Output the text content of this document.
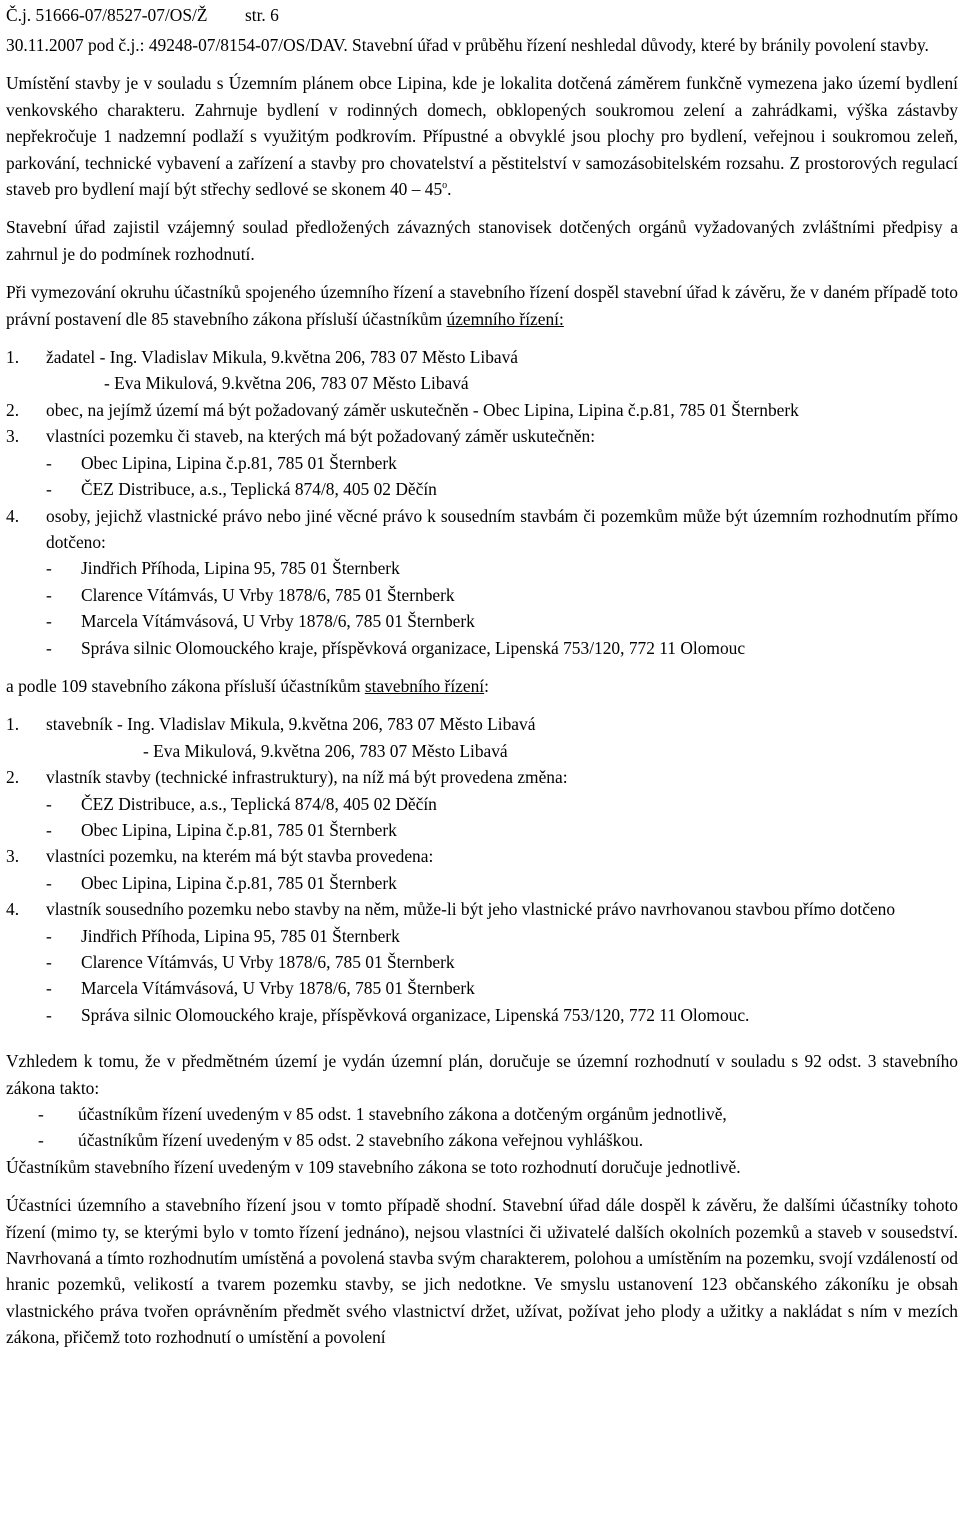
Č.j. 51666-07/8527-07/OS/Ž str. 6

30.11.2007 pod č.j.: 49248-07/8154-07/OS/DAV. Stavební úřad v průběhu řízení neshledal důvody, které by bránily povolení stavby.

Umístění stavby je v souladu s Územním plánem obce Lipina, kde je lokalita dotčená záměrem funkčně vymezena jako území bydlení venkovského charakteru. Zahrnuje bydlení v rodinných domech, obklopených soukromou zelení a zahrádkami, výška zástavby nepřekročuje 1 nadzemní podlaží s využitým podkrovím. Přípustné a obvyklé jsou plochy pro bydlení, veřejnou i soukromou zeleň, parkování, technické vybavení a zařízení a stavby pro chovatelství a pěstitelství v samozásobitelském rozsahu. Z prostorových regulací staveb pro bydlení mají být střechy sedlové se skonem 40 – 45$^o$.

Stavební úřad zajistil vzájemný soulad předložených závazných stanovisek dotčených orgánů vyžadovaných zvláštními předpisy a zahrnul je do podmínek rozhodnutí.

Při vymezování okruhu účastníků spojeného územního řízení a stavebního řízení dospěl stavební úřad k závěru, že v daném případě toto právní postavení dle 85 stavebního zákona přísluší účastníkům územního řízení:

1. žadatel - Ing. Vladislav Mikula, 9.května 206, 783 07 Město Libavá
- Eva Mikulová, 9.května 206, 783 07 Město Libavá
2. obec, na jejímž území má být požadovaný záměr uskutečněn - Obec Lipina, Lipina č.p.81, 785 01 Šternberk
3. vlastníci pozemku či staveb, na kterých má být požadovaný záměr uskutečněn:
- Obec Lipina, Lipina č.p.81, 785 01 Šternberk
- ČEZ Distribuce, a.s., Teplická 874/8, 405 02 Děčín
4. osoby, jejichž vlastnické právo nebo jiné věcné právo k sousedním stavbám či pozemkům může být územním rozhodnutím přímo dotčeno:
- Jindřich Příhoda, Lipina 95, 785 01 Šternberk
- Clarence Vítámvás, U Vrby 1878/6, 785 01 Šternberk
- Marcela Vítámvásová, U Vrby 1878/6, 785 01 Šternberk
- Správa silnic Olomouckého kraje, příspěvková organizace, Lipenská 753/120, 772 11 Olomouc

a podle 109 stavebního zákona přísluší účastníkům stavebního řízení:

1. stavebník - Ing. Vladislav Mikula, 9.května 206, 783 07 Město Libavá
- Eva Mikulová, 9.května 206, 783 07 Město Libavá
2. vlastník stavby (technické infrastruktury), na níž má být provedena změna:
- ČEZ Distribuce, a.s., Teplická 874/8, 405 02 Děčín
- Obec Lipina, Lipina č.p.81, 785 01 Šternberk
3. vlastníci pozemku, na kterém má být stavba provedena:
- Obec Lipina, Lipina č.p.81, 785 01 Šternberk
4. vlastník sousedního pozemku nebo stavby na něm, může-li být jeho vlastnické právo navrhovanou stavbou přímo dotčeno
- Jindřich Příhoda, Lipina 95, 785 01 Šternberk
- Clarence Vítámvás, U Vrby 1878/6, 785 01 Šternberk
- Marcela Vítámvásová, U Vrby 1878/6, 785 01 Šternberk
- Správa silnic Olomouckého kraje, příspěvková organizace, Lipenská 753/120, 772 11 Olomouc.

Vzhledem k tomu, že v předmětném území je vydán územní plán, doručuje se územní rozhodnutí v souladu s 92 odst. 3 stavebního zákona takto:

- účastníkům řízení uvedeným v 85 odst. 1 stavebního zákona a dotčeným orgánům jednotlivě,
- účastníkům řízení uvedeným v 85 odst. 2 stavebního zákona veřejnou vyhláškou.

Účastníkům stavebního řízení uvedeným v 109 stavebního zákona se toto rozhodnutí doručuje jednotlivě.

Účastníci územního a stavebního řízení jsou v tomto případě shodní. Stavební úřad dále dospěl k závěru, že dalšími účastníky tohoto řízení (mimo ty, se kterými bylo v tomto řízení jednáno), nejsou vlastníci či uživatelé dalších okolních pozemků a staveb v sousedství. Navrhovaná a tímto rozhodnutím umístěná a povolená stavba svým charakterem, polohou a umístěním na pozemku, svojí vzdáleností od hranic pozemků, velikostí a tvarem pozemku stavby, se jich nedotkne. Ve smyslu ustanovení 123 občanského zákoníku je obsah vlastnického práva tvořen oprávněním předmět svého vlastnictví držet, užívat, požívat jeho plody a užitky a nakládat s ním v mezích zákona, přičemž toto rozhodnutí o umístění a povolení
